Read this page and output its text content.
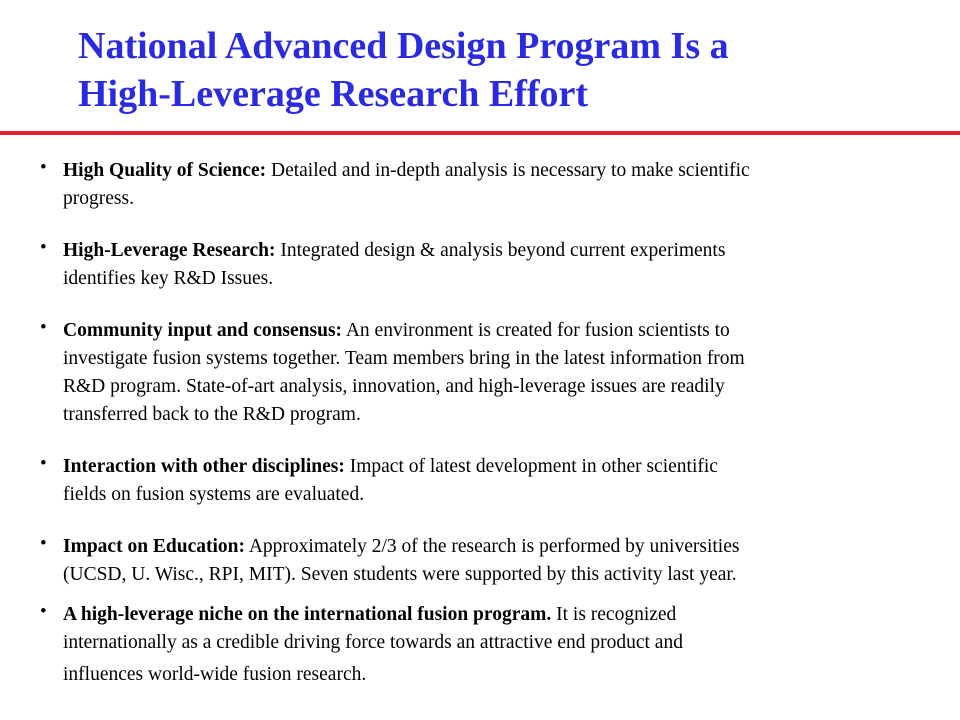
National Advanced Design Program Is a
High-Leverage Research Effort
• High Quality of Science: Detailed and in-depth analysis is necessary to make scientific
progress.
• High-Leverage Research: Integrated design & analysis beyond current experiments
identifies key R&D Issues.
• Community input and consensus: An environment is created for fusion scientists to
investigate fusion systems together. Team members bring in the latest information from
R&D program. State-of-art analysis, innovation, and high-leverage issues are readily
transferred back to the R&D program.
• Interaction with other disciplines: Impact of latest development in other scientific
fields on fusion systems are evaluated.
• Impact on Education: Approximately 2/3 of the research is performed by universities
(UCSD, U. Wisc., RPI, MIT). Seven students were supported by this activity last year.
• A high-leverage niche on the international fusion program. It is recognized
internationally as a credible driving force towards an attractive end product and
influences world-wide fusion research.
